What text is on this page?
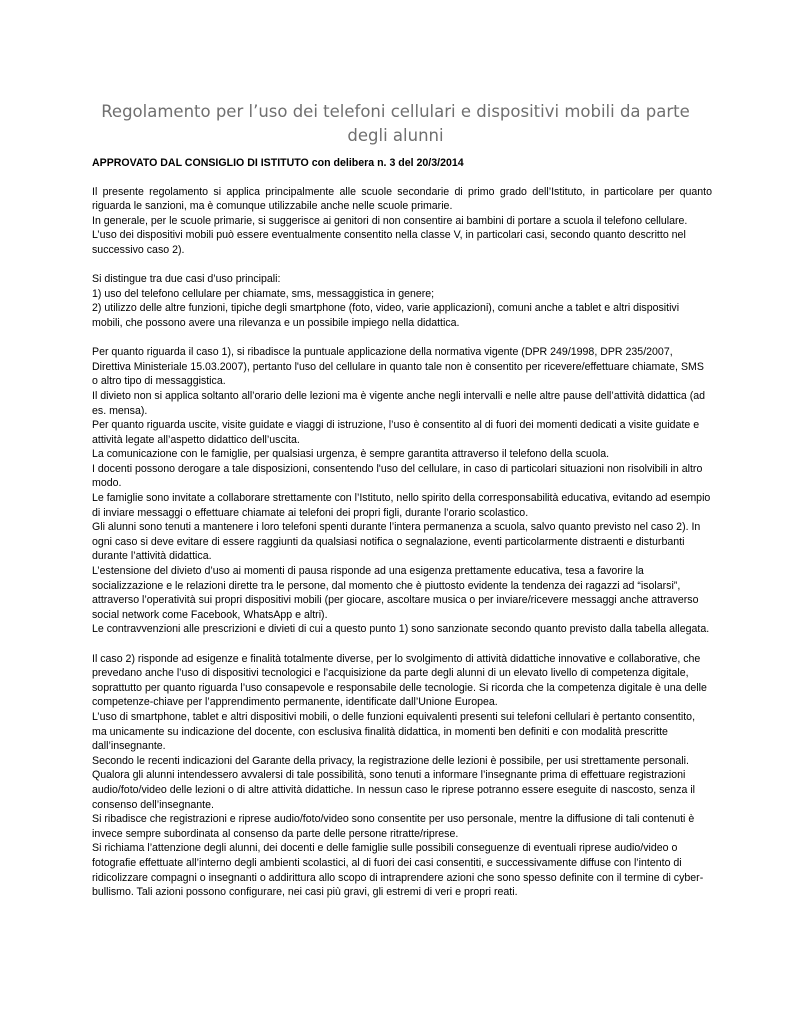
Regolamento per l’uso dei telefoni cellulari e dispositivi mobili da parte degli alunni

APPROVATO DAL CONSIGLIO DI ISTITUTO con delibera n. 3 del 20/3/2014

Il presente regolamento si applica principalmente alle scuole secondarie di primo grado dell’Istituto, in particolare per quanto riguarda le sanzioni, ma è comunque utilizzabile anche nelle scuole primarie.

In generale, per le scuole primarie, si suggerisce ai genitori di non consentire ai bambini di portare a scuola il telefono cellulare.

L’uso dei dispositivi mobili può essere eventualmente consentito nella classe V, in particolari casi, secondo quanto descritto nel successivo caso 2).

Si distingue tra due casi d’uso principali:

1) uso del telefono cellulare per chiamate, sms, messaggistica in genere;

2) utilizzo delle altre funzioni, tipiche degli smartphone (foto, video, varie applicazioni), comuni anche a tablet e altri dispositivi mobili, che possono avere una rilevanza e un possibile impiego nella didattica.

Per quanto riguarda il caso 1), si ribadisce la puntuale applicazione della normativa vigente (DPR 249/1998, DPR 235/2007, Direttiva Ministeriale 15.03.2007), pertanto l'uso del cellulare in quanto tale non è consentito per ricevere/effettuare chiamate, SMS o altro tipo di messaggistica.

Il divieto non si applica soltanto all’orario delle lezioni ma è vigente anche negli intervalli e nelle altre pause dell’attività didattica (ad es. mensa).

Per quanto riguarda uscite, visite guidate e viaggi di istruzione, l’uso è consentito al di fuori dei momenti dedicati a visite guidate e attività legate all’aspetto didattico dell’uscita.

La comunicazione con le famiglie, per qualsiasi urgenza, è sempre garantita attraverso il telefono della scuola.

I docenti possono derogare a tale disposizioni, consentendo l'uso del cellulare, in caso di particolari situazioni non risolvibili in altro modo.

Le famiglie sono invitate a collaborare strettamente con l’Istituto, nello spirito della corresponsabilità educativa, evitando ad esempio di inviare messaggi o effettuare chiamate ai telefoni dei propri figli, durante l’orario scolastico.

Gli alunni sono tenuti a mantenere i loro telefoni spenti durante l’intera permanenza a scuola, salvo quanto previsto nel caso 2). In ogni caso si deve evitare di essere raggiunti da qualsiasi notifica o segnalazione, eventi particolarmente distraenti e disturbanti durante l’attività didattica.

L’estensione del divieto d’uso ai momenti di pausa risponde ad una esigenza prettamente educativa, tesa a favorire la socializzazione e le relazioni dirette tra le persone, dal momento che è piuttosto evidente la tendenza dei ragazzi ad “isolarsi”, attraverso l’operatività sui propri dispositivi mobili (per giocare, ascoltare musica o per inviare/ricevere messaggi anche attraverso social network come Facebook, WhatsApp e altri).

Le contravvenzioni alle prescrizioni e divieti di cui a questo punto 1) sono sanzionate secondo quanto previsto dalla tabella allegata.

Il caso 2) risponde ad esigenze e finalità totalmente diverse, per lo svolgimento di attività didattiche innovative e collaborative, che prevedano anche l’uso di dispositivi tecnologici e l’acquisizione da parte degli alunni di un elevato livello di competenza digitale, soprattutto per quanto riguarda l’uso consapevole e responsabile delle tecnologie. Si ricorda che la competenza digitale è una delle competenze-chiave per l’apprendimento permanente, identificate dall’Unione Europea.

L’uso di smartphone, tablet e altri dispositivi mobili, o delle funzioni equivalenti presenti sui telefoni cellulari è pertanto consentito, ma unicamente su indicazione del docente, con esclusiva finalità didattica, in momenti ben definiti e con modalità prescritte dall’insegnante.

Secondo le recenti indicazioni del Garante della privacy, la registrazione delle lezioni è possibile, per usi strettamente personali. Qualora gli alunni intendessero avvalersi di tale possibilità, sono tenuti a informare l’insegnante prima di effettuare registrazioni audio/foto/video delle lezioni o di altre attività didattiche. In nessun caso le riprese potranno essere eseguite di nascosto, senza il consenso dell’insegnante.

Si ribadisce che registrazioni e riprese audio/foto/video sono consentite per uso personale, mentre la diffusione di tali contenuti è invece sempre subordinata al consenso da parte delle persone ritratte/riprese.

Si richiama l’attenzione degli alunni, dei docenti e delle famiglie sulle possibili conseguenze di eventuali riprese audio/video o fotografie effettuate all’interno degli ambienti scolastici, al di fuori dei casi consentiti, e successivamente diffuse con l’intento di ridicolizzare compagni o insegnanti o addirittura allo scopo di intraprendere azioni che sono spesso definite con il termine di cyber-bullismo. Tali azioni possono configurare, nei casi più gravi, gli estremi di veri e propri reati.
